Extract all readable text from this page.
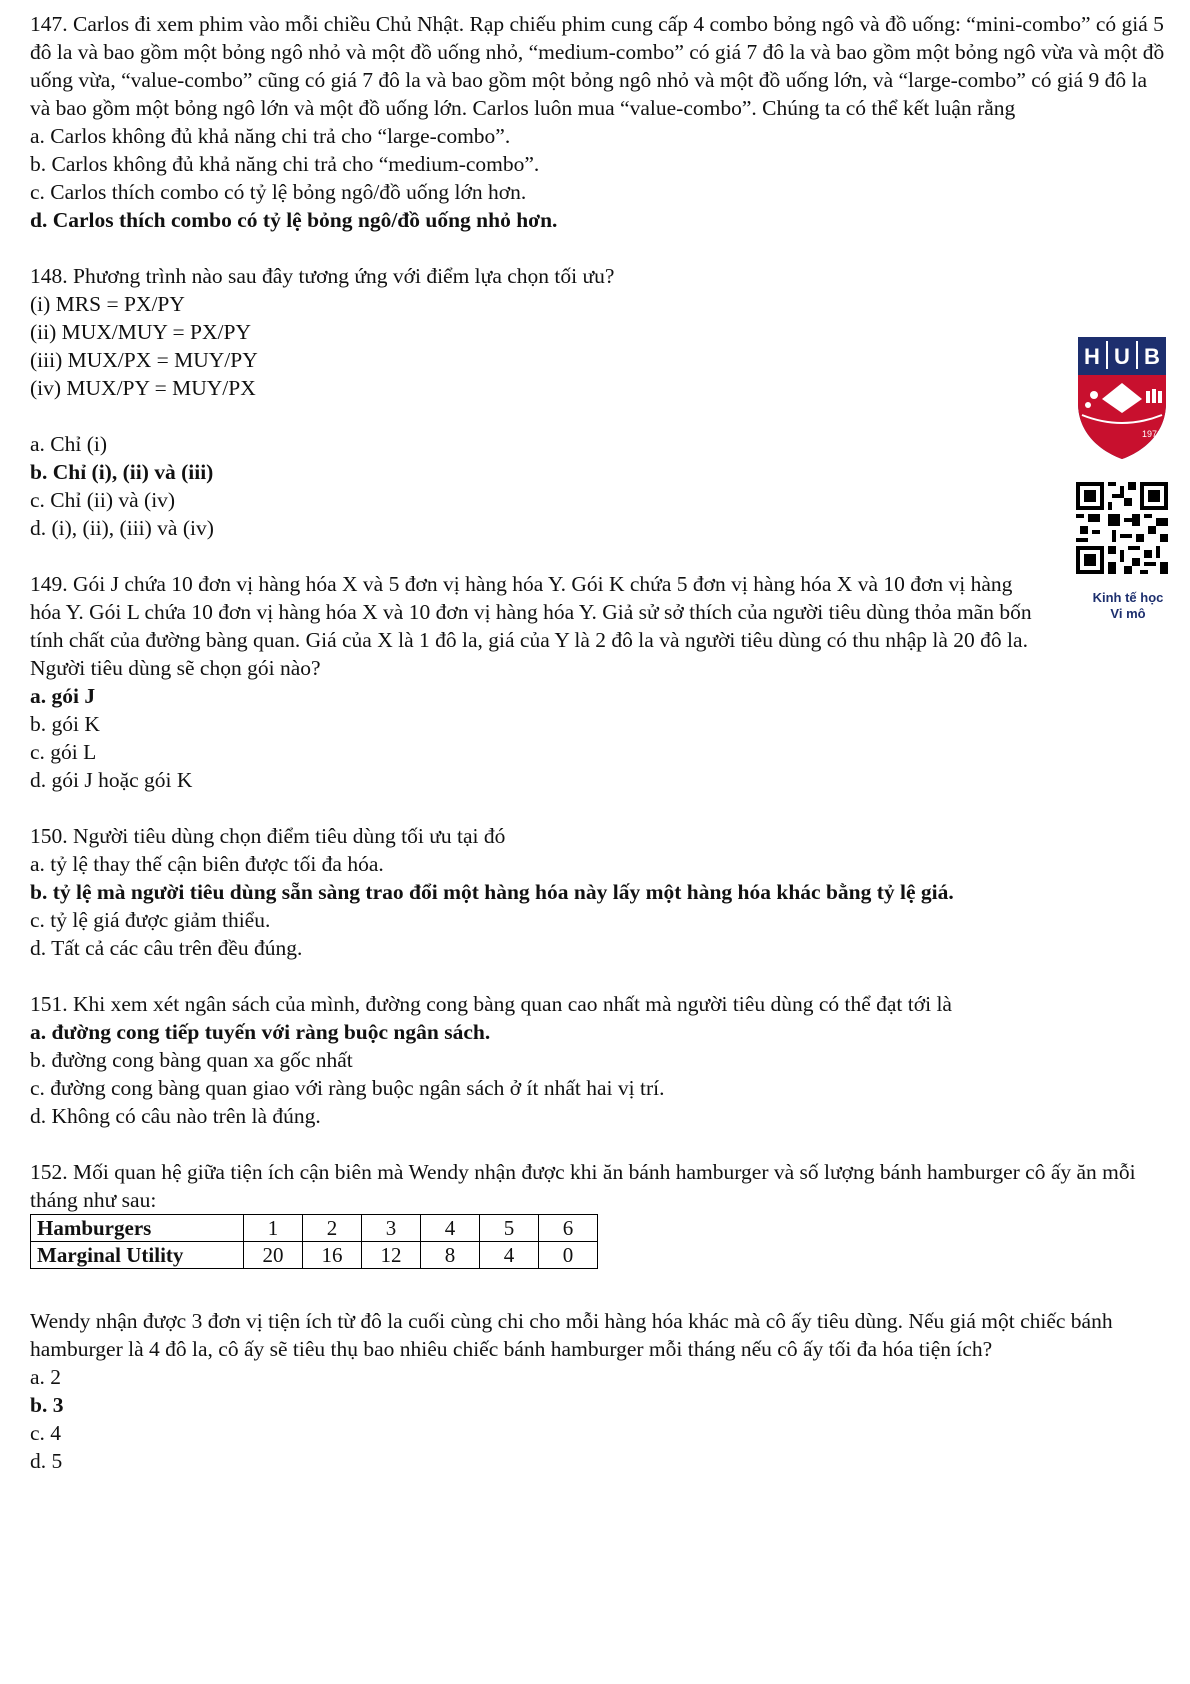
147. Carlos đi xem phim vào mỗi chiều Chủ Nhật. Rạp chiếu phim cung cấp 4 combo bỏng ngô và đồ uống: “mini-combo” có giá 5 đô la và bao gồm một bỏng ngô nhỏ và một đồ uống nhỏ, “medium-combo” có giá 7 đô la và bao gồm một bỏng ngô vừa và một đồ uống vừa, “value-combo” cũng có giá 7 đô la và bao gồm một bỏng ngô nhỏ và một đồ uống lớn, và “large-combo” có giá 9 đô la và bao gồm một bỏng ngô lớn và một đồ uống lớn. Carlos luôn mua “value-combo”. Chúng ta có thể kết luận rằng

a. Carlos không đủ khả năng chi trả cho “large-combo”.
b. Carlos không đủ khả năng chi trả cho “medium-combo”.
c. Carlos thích combo có tỷ lệ bỏng ngô/đồ uống lớn hơn.
d. Carlos thích combo có tỷ lệ bỏng ngô/đồ uống nhỏ hơn.

148. Phương trình nào sau đây tương ứng với điểm lựa chọn tối ưu?

(i) MRS = PX/PY
(ii) MUX/MUY = PX/PY
(iii) MUX/PX = MUY/PY
(iv) MUX/PY = MUY/PX
a. Chỉ (i)
b. Chỉ (i), (ii) và (iii)
c. Chỉ (ii) và (iv)
d. (i), (ii), (iii) và (iv)

149. Gói J chứa 10 đơn vị hàng hóa X và 5 đơn vị hàng hóa Y. Gói K chứa 5 đơn vị hàng hóa X và 10 đơn vị hàng hóa Y. Gói L chứa 10 đơn vị hàng hóa X và 10 đơn vị hàng hóa Y. Giả sử sở thích của người tiêu dùng thỏa mãn bốn tính chất của đường bàng quan. Giá của X là 1 đô la, giá của Y là 2 đô la và người tiêu dùng có thu nhập là 20 đô la. Người tiêu dùng sẽ chọn gói nào?

a. gói J
b. gói K
c. gói L
d. gói J hoặc gói K

150. Người tiêu dùng chọn điểm tiêu dùng tối ưu tại đó

a. tỷ lệ thay thế cận biên được tối đa hóa.
b. tỷ lệ mà người tiêu dùng sẵn sàng trao đổi một hàng hóa này lấy một hàng hóa khác bằng tỷ lệ giá.
c. tỷ lệ giá được giảm thiểu.
d. Tất cả các câu trên đều đúng.

151. Khi xem xét ngân sách của mình, đường cong bàng quan cao nhất mà người tiêu dùng có thể đạt tới là

a. đường cong tiếp tuyến với ràng buộc ngân sách.
b. đường cong bàng quan xa gốc nhất
c. đường cong bàng quan giao với ràng buộc ngân sách ở ít nhất hai vị trí.
d. Không có câu nào trên là đúng.

152. Mối quan hệ giữa tiện ích cận biên mà Wendy nhận được khi ăn bánh hamburger và số lượng bánh hamburger cô ấy ăn mỗi tháng như sau:

Hamburgers	1	2	3	4	5	6
Marginal Utility	20	16	12	8	4	0

Wendy nhận được 3 đơn vị tiện ích từ đô la cuối cùng chi cho mỗi hàng hóa khác mà cô ấy tiêu dùng. Nếu giá một chiếc bánh hamburger là 4 đô la, cô ấy sẽ tiêu thụ bao nhiêu chiếc bánh hamburger mỗi tháng nếu cô ấy tối đa hóa tiện ích?

a. 2
b. 3
c. 4
d. 5
H U B
1976
Kinh tế học
Vi mô
